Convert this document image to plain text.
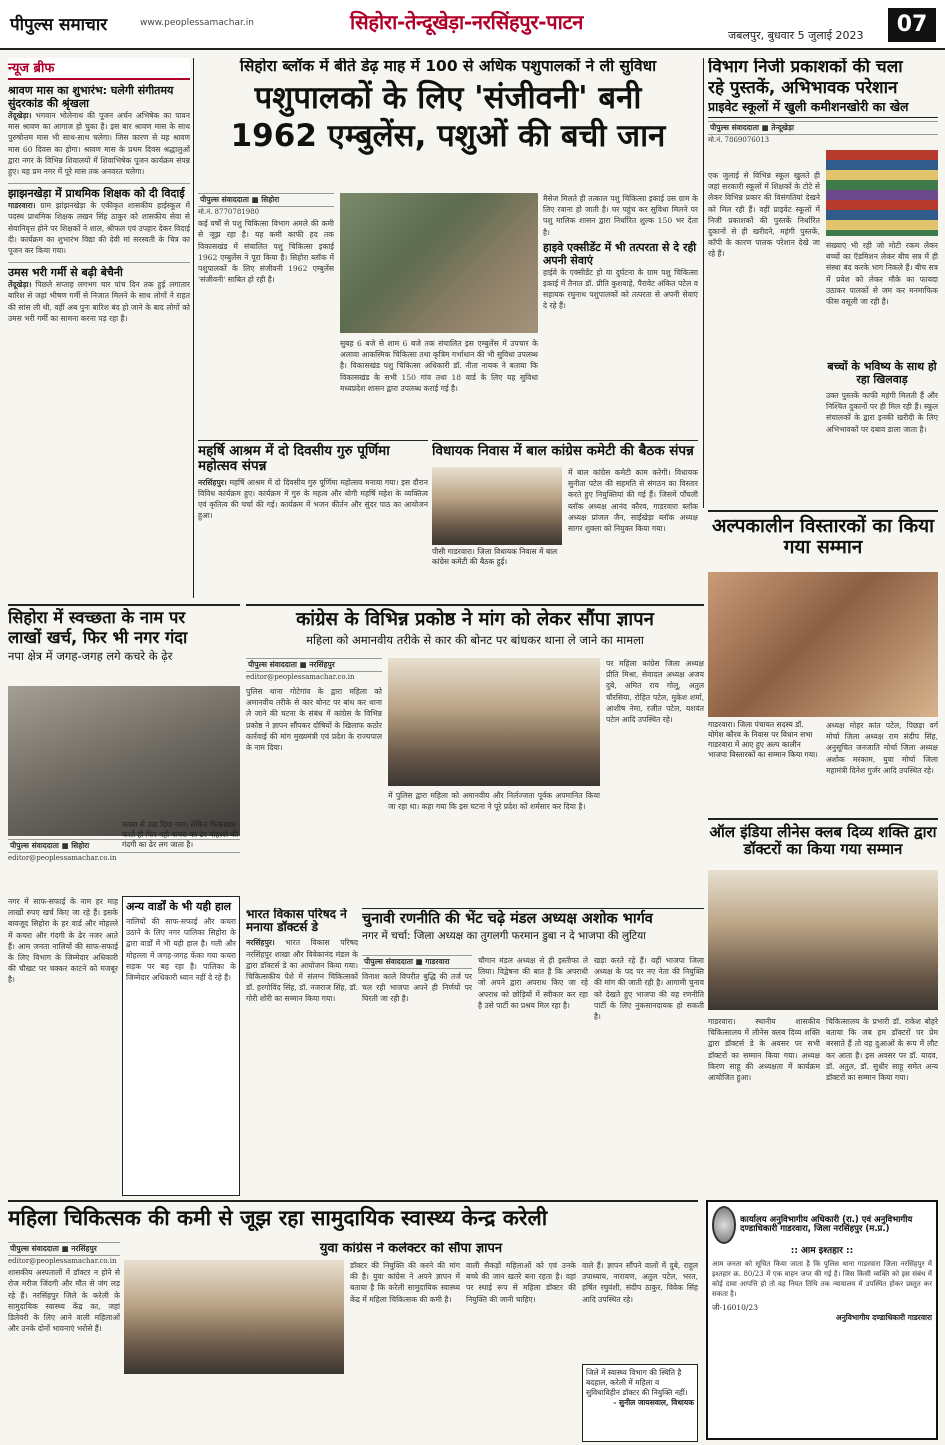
पीपुल्स समाचार	www.peoplessamachar.in	सिहोरा-तेन्दूखेड़ा-नरसिंहपुर-पाटन
जबलपुर, बुधवार 5 जुलाई 2023	07
न्यूज ब्रीफ
श्रावण मास का शुभारंभ: घलेगी संगीतमय सुंदरकांड की श्रृंखला
तेंदूखेड़ा। भगवान भोलेनाथ की पूजन अर्चन अभिषेक का पावन मास श्रावण का आगाज हो चुका है। इस बार श्रावण मास के साथ पुरुषोत्तम मास भी साथ-साथ चलेगा। जिस कारण से यह श्रावण मास 60 दिवस का होगा। श्रावण मास के प्रथम दिवस श्रद्धालुओं द्वारा नगर के विभिन्न शिवालयों में शिवाभिषेक पूजन कार्यक्रम संपन्न हुए। यह प्रम नगर में पूरे मास तक अनवरत चलेगा।
झाझनखेड़ा में प्राथमिक शिक्षक को दी विदाई
गाडरवारा। ग्राम झांझनखेड़ा के एकीकृत शासकीय हाईस्कूल में पदस्थ प्राथमिक शिक्षक लखन सिंह ठाकुर को शासकीय सेवा से सेवानिवृत्त होने पर शिक्षकों ने शाल, श्रीफल एवं उपहार देकर विदाई दी। कार्यक्रम का शुभारंभ विद्या की देवी मां सरस्वती के चित्र का पूजन कर किया गया।
उमस भरी गर्मी से बढ़ी बेचैनी
तेंदूखेड़ा। पिछले सप्ताह लगभग चार पांच दिन तक हुई लगातार बारिश से जहां भीषण गर्मी से निजात मिलने के साथ लोगों ने राहत की सांस ली थी, वहीं अब पुनः बारिश बंद हो जाने के बाद लोगों को उमस भरी गर्मी का सामना करना पड़ रहा है।
सिहोरा ब्लॉक में बीते डेढ़ माह में 100 से अधिक पशुपालकों ने ली सुविधा
पशुपालकों के लिए 'संजीवनी' बनी
1962 एम्बुलेंस, पशुओं की बची जान
पीपुल्स संवाददाता ■ सिहोरा
मो.नं. 8770781980
कई वर्षों से पशु चिकित्सा विभाग अमले की कमी से जूझ रहा है। यह कमी काफी हद तक विकासखंड में संचालित पशु चिकित्सा इकाई 1962 एम्बुलेंस ने पूरा किया है। सिहोरा ब्लॉक में पशुपालकों के लिए संजीवनी 1962 एम्बुलेंस 'संजीवनी' साबित हो रही है।
सुबह 6 बजे से शाम 6 बजे तक संचालित इस एम्बुलेंस में उपचार के अलावा आकस्मिक चिकित्सा तथा कृत्रिम गर्भाधान की भी सुविधा उपलब्ध है। विकासखंड पशु चिकित्सा अधिकारी डॉ. नीता नायक ने बताया कि विकासखंड के सभी 150 गांव तथा 18 वार्ड के लिए यह सुविधा मध्यप्रदेश शासन द्वारा उपलब्ध कराई गई है।
मैसेज मिलते ही तत्काल पशु चिकित्सा इकाई उस ग्राम के लिए रवाना हो जाती है। घर पहुंच कर सुविधा मिलने पर पशु मालिक शासन द्वारा निर्धारित शुल्क 150 भर देता है।
हाइवे एक्सीडेंट में भी तत्परता से दे रही अपनी सेवाएं
हाईवे के एक्सीडेंट हो या दुर्घटना के ग्राम पशु चिकित्सा इकाई में तैनात डॉ. प्रीति कुशवाहे, पैरावेट अंकित पटेल व सहायक रघुनाथ पशुपालकों को तत्परता से अपनी सेवाएं दे रहे हैं।
महर्षि आश्रम में दो दिवसीय गुरु पूर्णिमा महोत्सव संपन्न
नरसिंहपुर। महर्षि आश्रम में दो दिवसीय गुरु पूर्णिमा महोत्सव मनाया गया। इस दौरान विविध कार्यक्रम हुए। कार्यक्रम में गुरु के महत्व और योगी महर्षि महेश के व्यक्तित्व एवं कृतित्व की चर्चा की गई। कार्यक्रम में भजन कीर्तन और सुंदर पाठ का आयोजन हुआ।
विधायक निवास में बाल कांग्रेस कमेटी की बैठक संपन्न
पीसी गाडरवारा। जिला विधायक निवास में बाल कांग्रेस कमेटी की बैठक हुई।
में बाल कांग्रेस कमेटी काम करेगी। विधायक सुनीता पटेल की सहमति से संगठन का विस्तार करते हुए नियुक्तियां की गई हैं। जिसमें पाँचली ब्लॉक अध्यक्ष आनंद कौरव, गाडरवारा ब्लॉक अध्यक्ष प्रांजल जैन, साईंखेड़ा ब्लॉक अध्यक्ष सागर शुक्ला को नियुक्त किया गया।
विभाग निजी प्रकाशकों की चला
रहे पुस्तकें, अभिभावक परेशान
प्राइवेट स्कूलों में खुली कमीशनखोरी का खेल
पीपुल्स संवाददाता ■ तेन्दूखेड़ा
मो.नं. 7869076013
एक जुलाई से विभिन्न स्कूल खुलते ही जहां सरकारी स्कूलों में शिक्षकों के टोटे से लेकर विभिन्न प्रकार की विसंगतियां देखने को मिल रही हैं। वहीं प्राइवेट स्कूलों में निजी प्रकाशकों की पुस्तकें निर्धारित दुकानों से ही खरीदने, महंगी पुस्तकें, कॉपी के कारण पालक परेशान देखे जा रहे हैं।
संख्याएं भी रही जो मोटी रकम लेकर बच्चों का ऍडमिशन लेकर बीच सत्र में ही संस्था बंद करके भाग निकले हैं। बीच सत्र में प्रवेश को लेकर मौके का फायदा उठाकर पालकों से जम कर मनमाफिक फीस वसूली जा रही है।
बच्चों के भविष्य के साथ हो रहा खिलवाड़
उक्त पुस्तकें काफी महंगी मिलती हैं और निश्चित दुकानों पर ही मिल रही हैं। स्कूल संचालकों के द्वारा इनकी खरीदी के लिए अभिभावकों पर दबाव डाला जाता है।
अल्पकालीन विस्तारकों का किया गया सम्मान
गाडरवारा। जिला पंचायत सदस्य डॉ. योगेश कौरव के निवास पर विधान सभा गाडरवारा में आए हुए अल्प कालीन भाजपा विस्तारकों का सम्मान किया गया।
अध्यक्ष मोहर कांत पटेल, पिछड़ा वर्ग मोर्चा जिला अध्यक्ष राम संदीप सिंह, अनुसूचित जनजाति मोर्चा जिला अध्यक्ष अशोक मरकाम, युवा मोर्चा जिला महामंत्री दिनेश गुर्जर आदि उपस्थित रहे।
ऑल इंडिया लीनेस क्लब दिव्य शक्ति द्वारा डॉक्टरों का किया गया सम्मान
गाडरवारा। स्थानीय शासकीय चिकित्सालय में लीनेस क्लब दिव्य शक्ति द्वारा डॉक्टर्स डे के अवसर पर सभी डॉक्टरों का सम्मान किया गया। अध्यक्ष किरण साहू की अध्यक्षता में कार्यक्रम आयोजित हुआ।
चिकित्सालय के प्रभारी डॉ. राकेश बोहरे बताया कि जब हम डॉक्टरों पर प्रेम बरसाते हैं तो वह दुआओं के रूप में लौट कर आता है। इस अवसर पर डॉ. यादव, डॉ. अतुल, डॉ. सुधीर साहू समेत अन्य डॉक्टरों का सम्मान किया गया।
सिहोरा में स्वच्छता के नाम पर
लाखों खर्च, फिर भी नगर गंदा
नपा क्षेत्र में जगह-जगह लगे कचरे के ढ़ेर
पीपुल्स संवाददाता ■ सिहोरा
editor@peoplessamachar.co.in
नगर में साफ-सफाई के नाम हर माह लाखों रुपए खर्च किए जा रहे हैं। इसके बावजूद सिहोरा के हर वार्ड और मोहल्ले में कचरा और गंदगी के ढेर नजर आते हैं। आम जनता नालियों की साफ-सफाई के लिए विभाग के जिम्मेदार अधिकारी की चौखट पर चक्कर काटने को मजबूर है।
कचरा से उठा दिया गया। लेकिन फिकाखत करते ही फिर वही कचरा का ढेर मोहल्ले की गंदगी का ढेर लग जाता है।
अन्य वार्डों के भी यही हाल
नालियों की साफ-सफाई और कचरा उठाने के लिए नगर पालिका सिहोरा के द्वारा वार्डों में भी यही हाल है। गली और मोहल्ला में जगह-जगह फेंका गया कचरा सड़क पर बह रहा है। पालिका के जिम्मेदार अधिकारी ध्यान नहीं दे रहे हैं।
कांग्रेस के विभिन्न प्रकोष्ठ ने मांग को लेकर सौंपा ज्ञापन
महिला को अमानवीय तरीके से कार की बोनट पर बांधकर थाना ले जाने का मामला
पीपुल्स संवाददाता ■ नरसिंहपुर
editor@peoplessamachar.co.in
पुलिस थाना गोटेगांव के द्वारा महिला को अमानवीय तरीके से कार बोनट पर बांध कर थाना ले जाने की घटना के संबंध में कांग्रेस के विभिन्न प्रकोष्ठ ने ज्ञापन सौंपकर दोषियों के खिलाफ कठोर कार्रवाई की मांग मुख्यमंत्री एवं प्रदेश के राज्यपाल के नाम दिया।
में पुलिस द्वारा महिला को अमानवीय और निर्लज्जता पूर्वक अपमानित किया जा रहा था। कहा गया कि इस घटना ने पूरे प्रदेश को शर्मसार कर दिया है।
पर महिला कांग्रेस जिला अध्यक्ष प्रीति मिश्रा, सेवादल अध्यक्ष अजय दुबे, अमित राय गोलू, अतुल चौरसिया, रोहित पटेल, मुकेश शर्मा, आशीष नेमा, रजीत पटेल, यशवंत पटेल आदि उपस्थित रहे।
भारत विकास परिषद ने मनाया डॉक्टर्स डे
नरसिंहपुर। भारत विकास परिषद नरसिंहपुर शाखा और विवेकानंद मंडल के द्वारा डॉक्टर्स डे का आयोजन किया गया। चिकित्सकीय पेशे में संलग्न चिकित्सकों डॉ. हरगोविंद सिंह, डॉ. नजराज सिंह, डॉ. गोरी शोरी का सम्मान किया गया।
चुनावी रणनीति की भेंट चढ़े मंडल अध्यक्ष अशोक भार्गव
नगर में चर्चा: जिला अध्यक्ष का तुगलगी फरमान डुबा न दे भाजपा की लुटिया
पीपुल्स संवाददाता ■ गाडरवारा
विनाश काले विपरीत बुद्धि की तर्ज पर चल रही भाजपा अपने ही निर्णयों पर घिरती जा रही है।
चौगान मंडल अध्यक्ष से ही इस्तीफा ले लिया। विद्वेषना की बात है कि अपराधी जो अपने द्वारा अपराध किए जा रहे अपराध को छोड़ियों में स्वीकार कर रहा है उसे पार्टी का प्रश्रय मिल रहा है।
खड़ा करते रहे हैं। वहीं भाजपा जिला अध्यक्ष के पद पर नए नेता की नियुक्ति की मांग की जाती रही है। आगामी चुनाव को देखते हुए भाजपा की यह रणनीति पार्टी के लिए नुकसानदायक हो सकती है।
महिला चिकित्सक की कमी से जूझ रहा सामुदायिक स्वास्थ्य केन्द्र करेली
पीपुल्स संवाददाता ■ नरसिंहपुर
editor@peoplessamachar.co.in
शासकीय अस्पतालों में डॉक्टर न होने से रोज मरीज जिंदगी और मौत से जंग लड़ रहे हैं। नरसिंहपुर जिले के करेली के सामुदायिक स्वास्थ्य केंद्र का, जहां डिलेवरी के लिए आने वाली महिलाओं और उनके दोनों भावनाएं भरोसे हैं।
युवा कांग्रेस ने कलेक्टर को सौंपा ज्ञापन
डॉक्टर की नियुक्ति की करने की मांग की है। युवा कांग्रेस ने अपने ज्ञापन में बताया है कि करेली सामुदायिक स्वास्थ्य केंद्र में महिला चिकित्सक की कमी है।
वाली सैकड़ों महिलाओं को एवं उनके बच्चे की जान खतरे बना रहता है। वहां पर स्थाई रूप से महिला डॉक्टर की नियुक्ति की जानी चाहिए।
वाले हैं। ज्ञापन सौंपने वालों में दुबे, राहुल उपाध्याय, नारायण, अतुल पटेल, भरत, हर्षित रघुवंशी, संदीप ठाकुर, विवेक सिंह आदि उपस्थित रहे।
जिले में स्वास्थ्य विभाग की स्थिति है बदहाल, करेली में महिला व सुविधाविहीन डॉक्टर की नियुक्ति नहीं।
- सुनील जायसवाल, विधायक
कार्यालय अनुविभागीय अधिकारी (रा.) एवं अनुविभागीय दण्डाधिकारी गाडरवारा, जिला नरसिंहपुर (म.प्र.)
:: आम इश्तहार ::
आम जनता को सूचित किया जाता है कि पुलिस थाना गाडरवारा जिला नरसिंहपुर में इश्तहार क्र. 80/23 में एक वाहन जप्त की गई है। जिस किसी व्यक्ति को इस संबंध में कोई दावा आपत्ति हो तो वह नियत तिथि तक न्यायालय में उपस्थित होकर प्रस्तुत कर सकता है।
जी-16010/23
अनुविभागीय दण्डाधिकारी गाडरवारा
